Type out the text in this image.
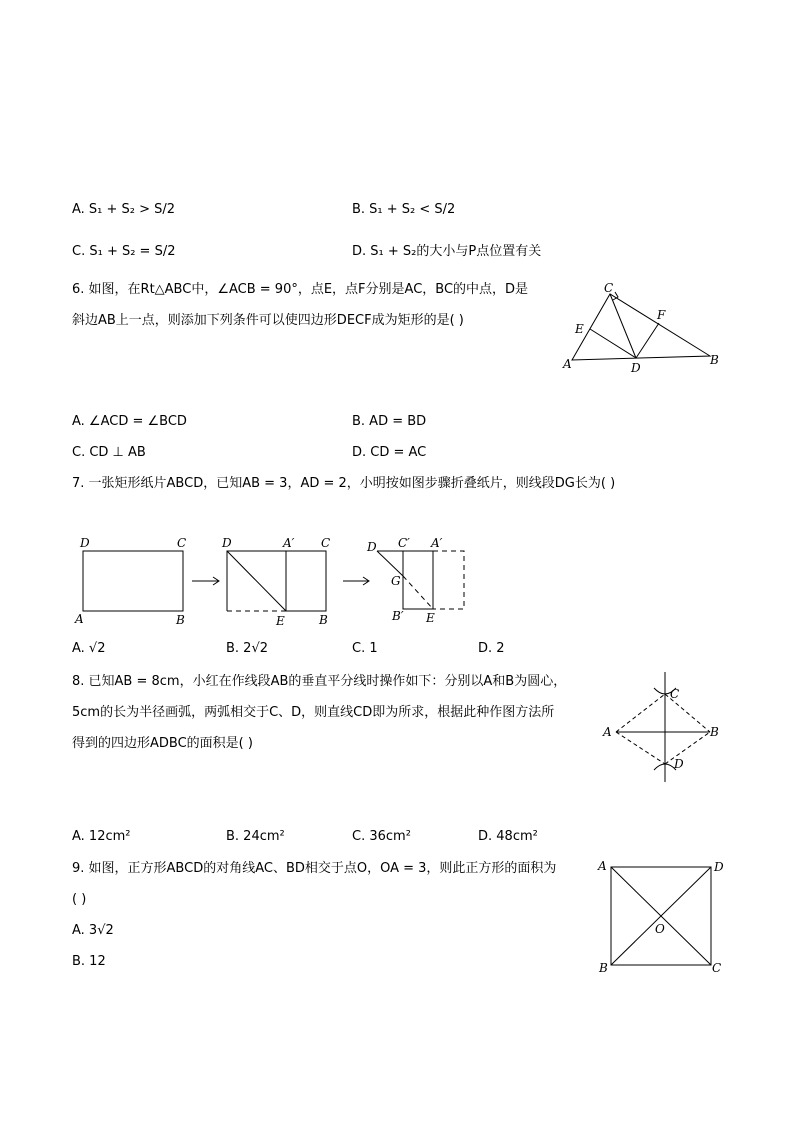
A. S₁ + S₂ > S/2	B. S₁ + S₂ < S/2
C. S₁ + S₂ = S/2	D. S₁ + S₂的大小与P点位置有关
6. 如图，在Rt△ABC中，∠ACB = 90°，点E，点F分别是AC，BC的中点，D是
斜边AB上一点，则添加下列条件可以使四边形DECF成为矩形的是( )
C
E
F
A	D
B
A. ∠ACD = ∠BCD	B. AD = BD
C. CD ⊥ AB	D. CD = AC
7. 一张矩形纸片ABCD，已知AB = 3，AD = 2，小明按如图步骤折叠纸片，则线段DG长为( )
D	C
A	B
D	A′ C
E	B
D C′ A′
G
B′ E
A. √2	B. 2√2	C. 1	D. 2
8. 已知AB = 8cm，小红在作线段AB的垂直平分线时操作如下：分别以A和B为圆心，
5cm的长为半径画弧，两弧相交于C、D，则直线CD即为所求，根据此种作图方法所
得到的四边形ADBC的面积是( )
C
A	B
D
A. 12cm²	B. 24cm²	C. 36cm²	D. 48cm²
9. 如图，正方形ABCD的对角线AC、BD相交于点O，OA = 3，则此正方形的面积为
( )
A. 3√2
B. 12
A	D
O
B	C
